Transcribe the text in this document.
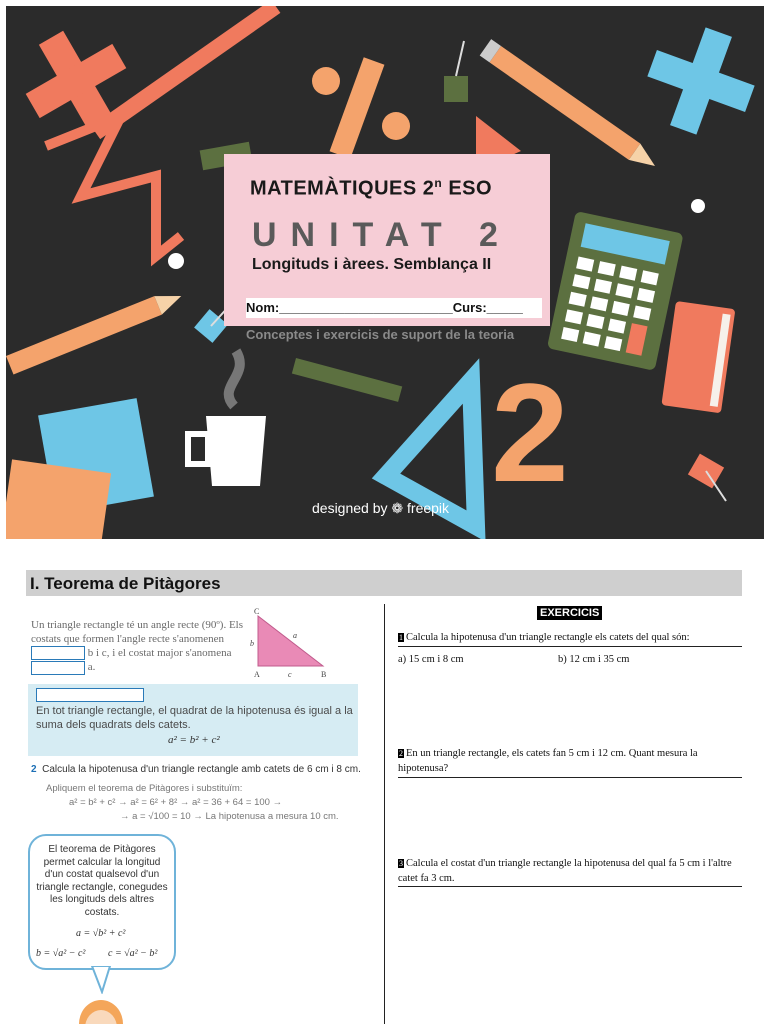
2
MATEMÀTIQUES 2$^n$ ESO
UNITAT 2
Longituds i àrees. Semblança II
Nom:________________________Curs:_____
Conceptes i exercicis de suport de la teoria
designed by ❁ freepik
I. Teorema de Pitàgores
Un triangle rectangle té un angle recte (90º). Els costats que formen l'angle recte s'anomenen b i c, i el costat major s'anomena a.
C
b
a
A	c	B
En tot triangle rectangle, el quadrat de la hipotenusa és igual a la suma dels quadrats dels catets.
a² = b² + c²
2 Calcula la hipotenusa d'un triangle rectangle amb catets de 6 cm i 8 cm.
Apliquem el teorema de Pitàgores i substituïm:
a² = b² + c² → a² = 6² + 8² → a² = 36 + 64 = 100 →
→ a = √100 = 10 → La hipotenusa a mesura 10 cm.
El teorema de Pitàgores permet calcular la longitud d'un costat qualsevol d'un triangle rectangle, conegudes les longituds dels altres costats.
a = √b² + c²
b = √a² − c² c = √a² − b²
EXERCICIS
1 Calcula la hipotenusa d'un triangle rectangle els catets del qual són:
a) 15 cm i 8 cm	b) 12 cm i 35 cm
2 En un triangle rectangle, els catets fan 5 cm i 12 cm. Quant mesura la hipotenusa?
3 Calcula el costat d'un triangle rectangle la hipotenusa del qual fa 5 cm i l'altre catet fa 3 cm.
